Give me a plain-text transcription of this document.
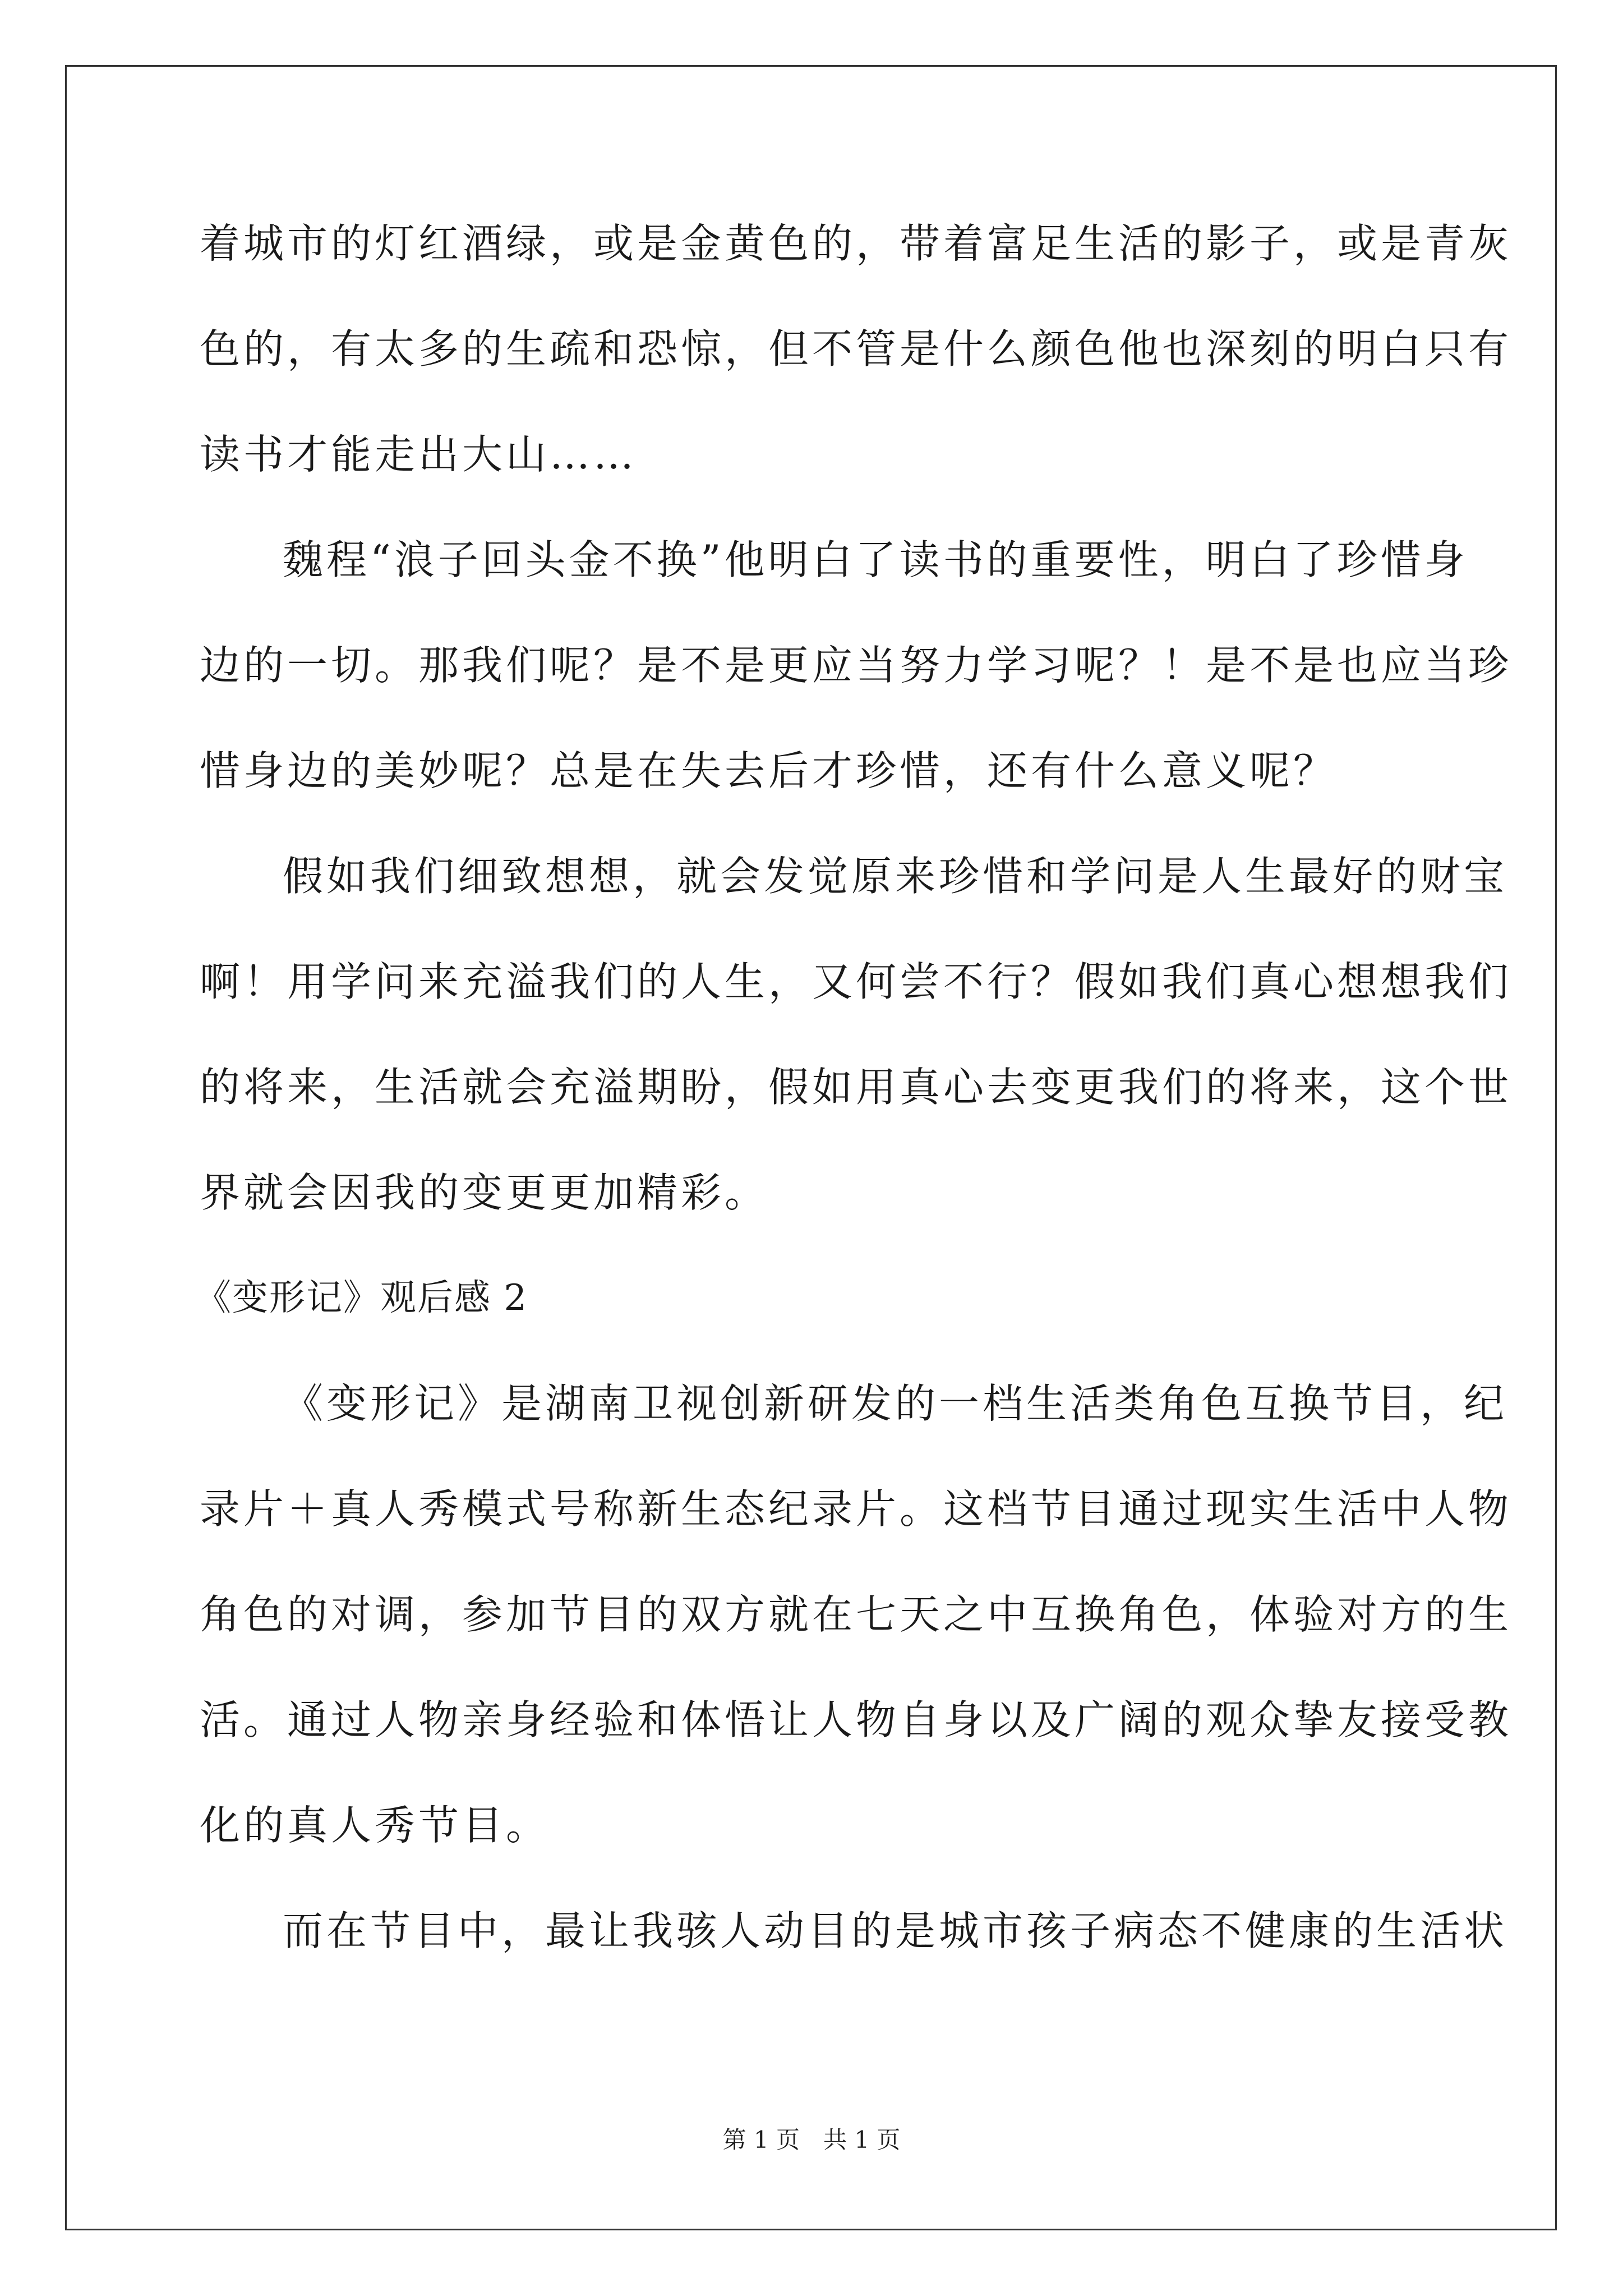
着城市的灯红酒绿，或是金黄色的，带着富足生活的影子，或是青灰
色的，有太多的生疏和恐惊，但不管是什么颜色他也深刻的明白只有
读书才能走出大山……
魏程“浪子回头金不换”他明白了读书的重要性，明白了珍惜身
边的一切。那我们呢？是不是更应当努力学习呢？！是不是也应当珍
惜身边的美妙呢？总是在失去后才珍惜，还有什么意义呢？
假如我们细致想想，就会发觉原来珍惜和学问是人生最好的财宝
啊！用学问来充溢我们的人生，又何尝不行？假如我们真心想想我们
的将来，生活就会充溢期盼，假如用真心去变更我们的将来，这个世
界就会因我的变更更加精彩。
《变形记》观后感 2
《变形记》是湖南卫视创新研发的一档生活类角色互换节目，纪
录片＋真人秀模式号称新生态纪录片。这档节目通过现实生活中人物
角色的对调，参加节目的双方就在七天之中互换角色，体验对方的生
活。通过人物亲身经验和体悟让人物自身以及广阔的观众挚友接受教
化的真人秀节目。
而在节目中，最让我骇人动目的是城市孩子病态不健康的生活状
第 1 页　共 1 页
